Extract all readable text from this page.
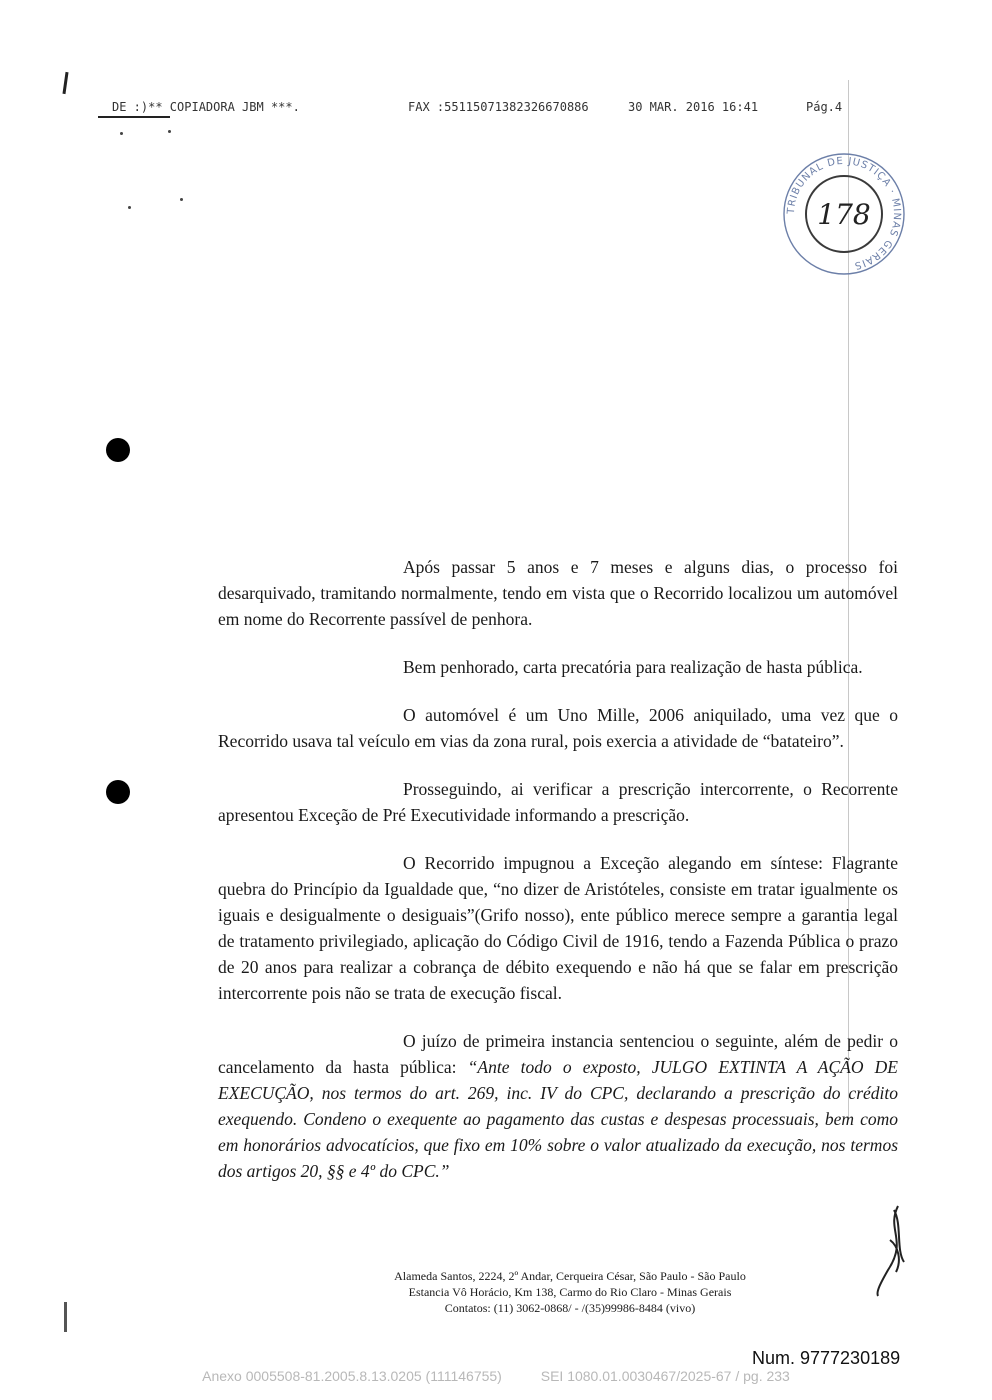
DE :)** COPIADORA JBM ***.

	FAX :55115071382326670886

	30 MAR. 2016 16:41

	Pág.4

TRIBUNAL DE JUSTIÇA · MINAS GERAIS
178

Após passar 5 anos e 7 meses e alguns dias, o processo foi desarquivado, tramitando normalmente, tendo em vista que o Recorrido localizou um automóvel em nome do Recorrente passível de penhora.

Bem penhorado, carta precatória para realização de hasta pública.

O automóvel é um Uno Mille, 2006 aniquilado, uma vez que o Recorrido usava tal veículo em vias da zona rural, pois exercia a atividade de “batateiro”.

Prosseguindo, ai verificar a prescrição intercorrente, o Recorrente apresentou Exceção de Pré Executividade informando a prescrição.

O Recorrido impugnou a Exceção alegando em síntese: Flagrante quebra do Princípio da Igualdade que, “no dizer de Aristóteles, consiste em tratar igualmente os iguais e desigualmente o desiguais”(Grifo nosso), ente público merece sempre a garantia legal de tratamento privilegiado, aplicação do Código Civil de 1916, tendo a Fazenda Pública o prazo de 20 anos para realizar a cobrança de débito exequendo e não há que se falar em prescrição intercorrente pois não se trata de execução fiscal.

O juízo de primeira instancia sentenciou o seguinte, além de pedir o cancelamento da hasta pública: “Ante todo o exposto, JULGO EXTINTA A AÇÃO DE EXECUÇÃO, nos termos do art. 269, inc. IV do CPC, declarando a prescrição do crédito exequendo. Condeno o exequente ao pagamento das custas e despesas processuais, bem como em honorários advocatícios, que fixo em 10% sobre o valor atualizado da execução, nos termos dos artigos 20, §§ e 4º do CPC.”

Alameda Santos, 2224, 2º Andar, Cerqueira César, São Paulo - São Paulo
Estancia Vô Horácio, Km 138, Carmo do Rio Claro - Minas Gerais
Contatos: (11) 3062-0868/ - /(35)99986-8484 (vivo)
Num. 9777230189
Anexo 0005508-81.2005.8.13.0205 (111146755)          SEI 1080.01.0030467/2025-67 / pg. 233
